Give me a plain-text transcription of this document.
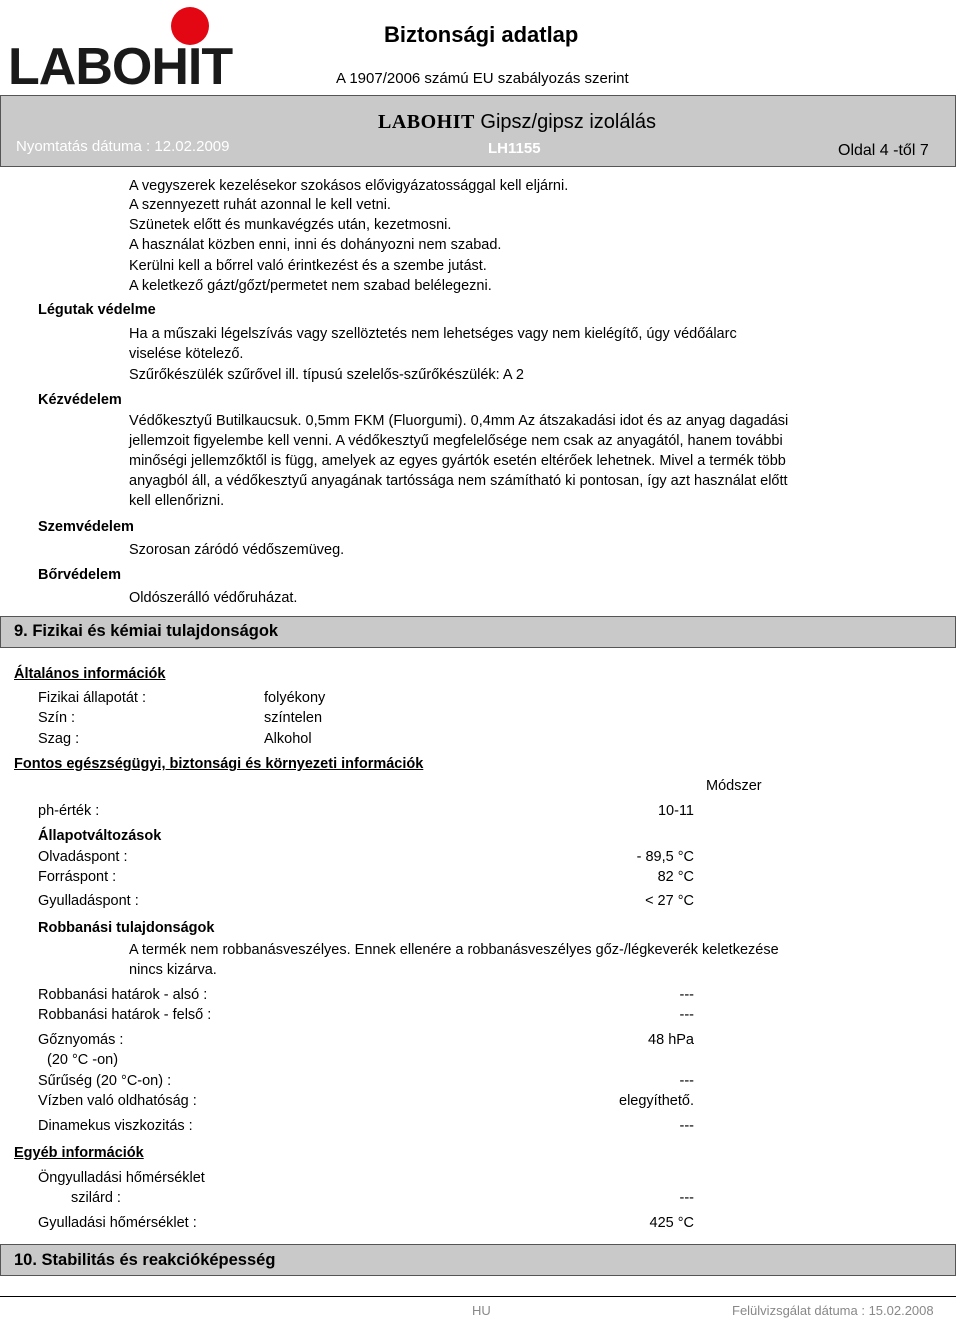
LABOHIT
Biztonsági adatlap
A 1907/2006 számú EU szabályozás szerint
LABOHIT Gipsz/gipsz izolálás
Nyomtatás dátuma : 12.02.2009	LH1155	Oldal 4 -től 7
A vegyszerek kezelésekor szokásos elővigyázatossággal kell eljárni.
A szennyezett ruhát azonnal le kell vetni.
Szünetek előtt és munkavégzés után, kezetmosni.
A használat közben enni, inni és dohányozni nem szabad.
Kerülni kell a bőrrel való érintkezést és a szembe jutást.
A keletkező gázt/gőzt/permetet nem szabad belélegezni.
Légutak védelme
Ha a műszaki légelszívás vagy szellöztetés nem lehetséges vagy nem kielégítő, úgy védőálarc
viselése kötelező.
Szűrőkészülék szűrővel ill. típusú szelelős-szűrőkészülék: A 2
Kézvédelem
Védőkesztyű Butilkaucsuk. 0,5mm FKM (Fluorgumi). 0,4mm Az átszakadási idot és az anyag dagadási
jellemzoit figyelembe kell venni. A védőkesztyű megfelelősége nem csak az anyagától, hanem további
minőségi jellemzőktől is függ, amelyek az egyes gyártók esetén eltérőek lehetnek. Mivel a termék több
anyagból áll, a védőkesztyű anyagának tartóssága nem számítható ki pontosan, így azt használat előtt
kell ellenőrizni.
Szemvédelem
Szorosan záródó védőszemüveg.
Bőrvédelem
Oldószerálló védőruházat.
9. Fizikai és kémiai tulajdonságok
Általános információk
Fizikai állapotát :	folyékony
Szín :	színtelen
Szag :	Alkohol
Fontos egészségügyi, biztonsági és környezeti információk
Módszer
ph-érték :	10-11
Állapotváltozások
Olvadáspont :	- 89,5 °C
Forráspont :	82 °C
Gyulladáspont :	< 27 °C
Robbanási tulajdonságok
A termék nem robbanásveszélyes. Ennek ellenére a robbanásveszélyes gőz-/légkeverék keletkezése
nincs kizárva.
Robbanási határok - alsó :	---
Robbanási határok - felső :	---
Gőznyomás :	48 hPa
(20 °C -on)
Sűrűség (20 °C-on) :	---
Vízben való oldhatóság :	elegyíthető.
Dinamekus viszkozitás :	---
Egyéb információk
Öngyulladási hőmérséklet
szilárd :	---
Gyulladási hőmérséklet :	425 °C
10. Stabilitás és reakcióképesség
HU	Felülvizsgálat dátuma : 15.02.2008
